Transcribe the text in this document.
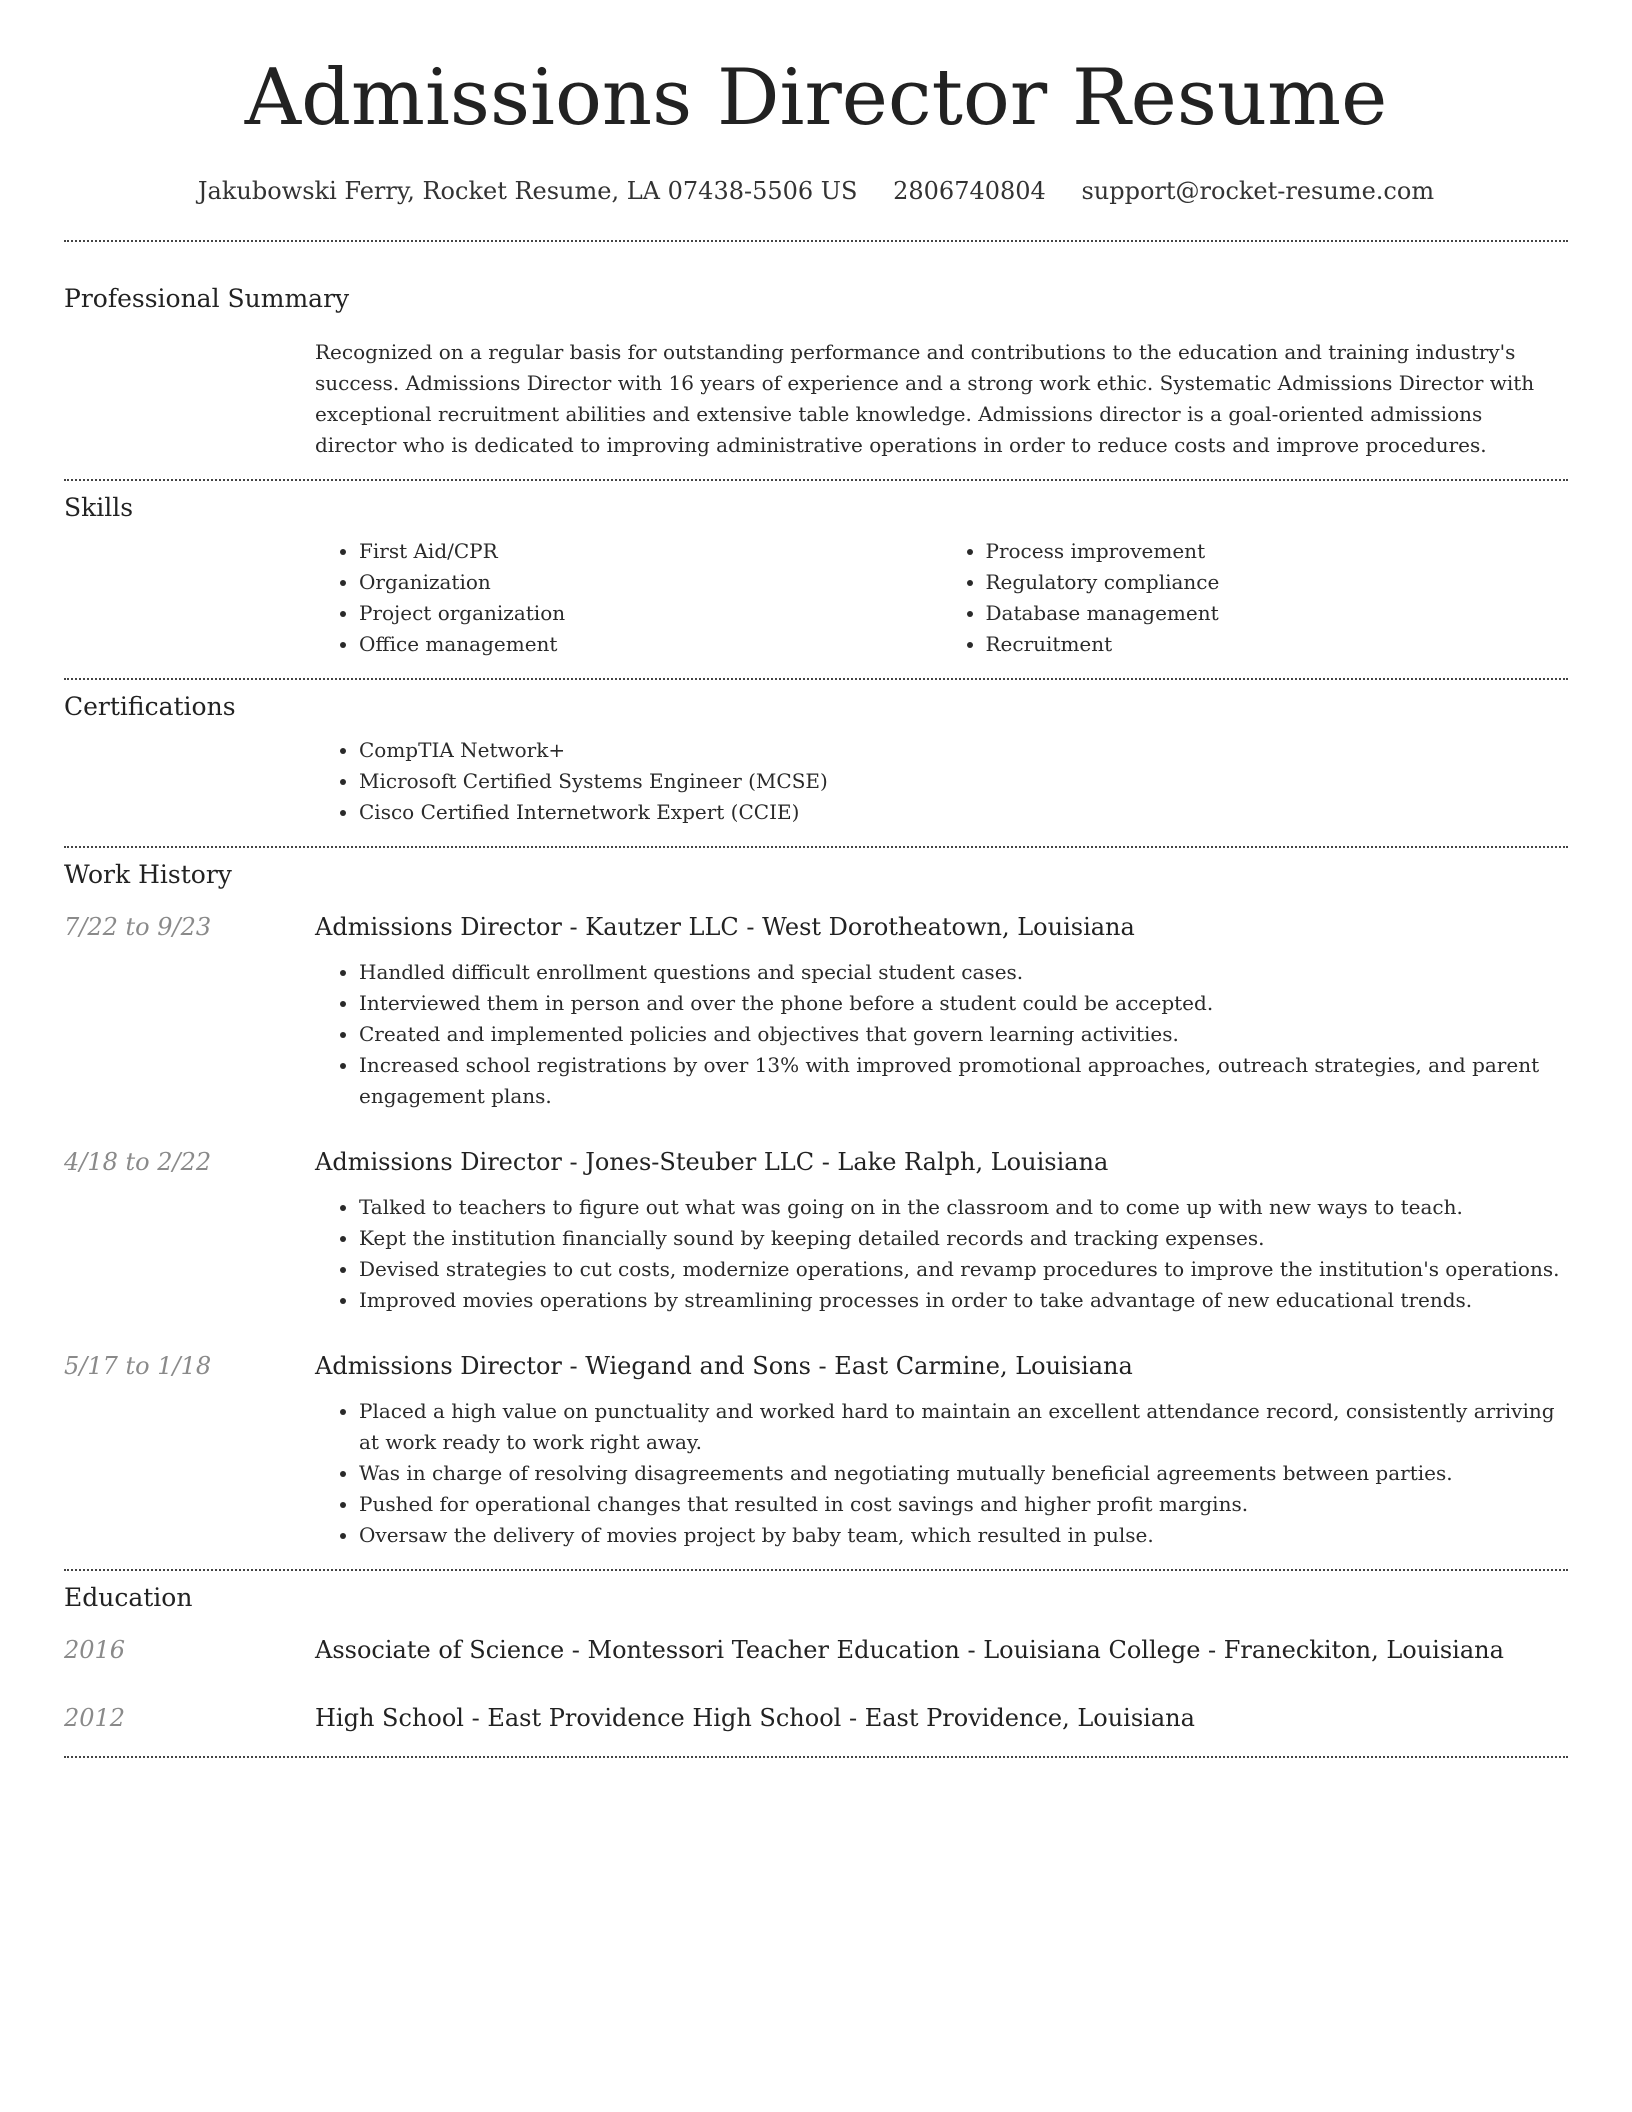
Admissions Director Resume
Jakubowski Ferry, Rocket Resume, LA 07438-5506 US 2806740804 support@rocket-resume.com
Professional Summary

Recognized on a regular basis for outstanding performance and contributions to the education and training industry's success. Admissions Director with 16 years of experience and a strong work ethic. Systematic Admissions Director with exceptional recruitment abilities and extensive table knowledge. Admissions director is a goal-oriented admissions director who is dedicated to improving administrative operations in order to reduce costs and improve procedures.

Skills
• First Aid/CPR
• Organization
• Project organization
• Office management
• Process improvement
• Regulatory compliance
• Database management
• Recruitment
Certifications
• CompTIA Network+
• Microsoft Certified Systems Engineer (MCSE)
• Cisco Certified Internetwork Expert (CCIE)
Work History
7/22 to 9/23	Admissions Director - Kautzer LLC - West Dorotheatown, Louisiana
• Handled difficult enrollment questions and special student cases.
• Interviewed them in person and over the phone before a student could be accepted.
• Created and implemented policies and objectives that govern learning activities.
• Increased school registrations by over 13% with improved promotional approaches, outreach strategies, and parent engagement plans.
4/18 to 2/22	Admissions Director - Jones-Steuber LLC - Lake Ralph, Louisiana
• Talked to teachers to figure out what was going on in the classroom and to come up with new ways to teach.
• Kept the institution financially sound by keeping detailed records and tracking expenses.
• Devised strategies to cut costs, modernize operations, and revamp procedures to improve the institution's operations.
• Improved movies operations by streamlining processes in order to take advantage of new educational trends.
5/17 to 1/18	Admissions Director - Wiegand and Sons - East Carmine, Louisiana
• Placed a high value on punctuality and worked hard to maintain an excellent attendance record, consistently arriving at work ready to work right away.
• Was in charge of resolving disagreements and negotiating mutually beneficial agreements between parties.
• Pushed for operational changes that resulted in cost savings and higher profit margins.
• Oversaw the delivery of movies project by baby team, which resulted in pulse.
Education
2016	Associate of Science - Montessori Teacher Education - Louisiana College - Franeckiton, Louisiana
2012	High School - East Providence High School - East Providence, Louisiana
